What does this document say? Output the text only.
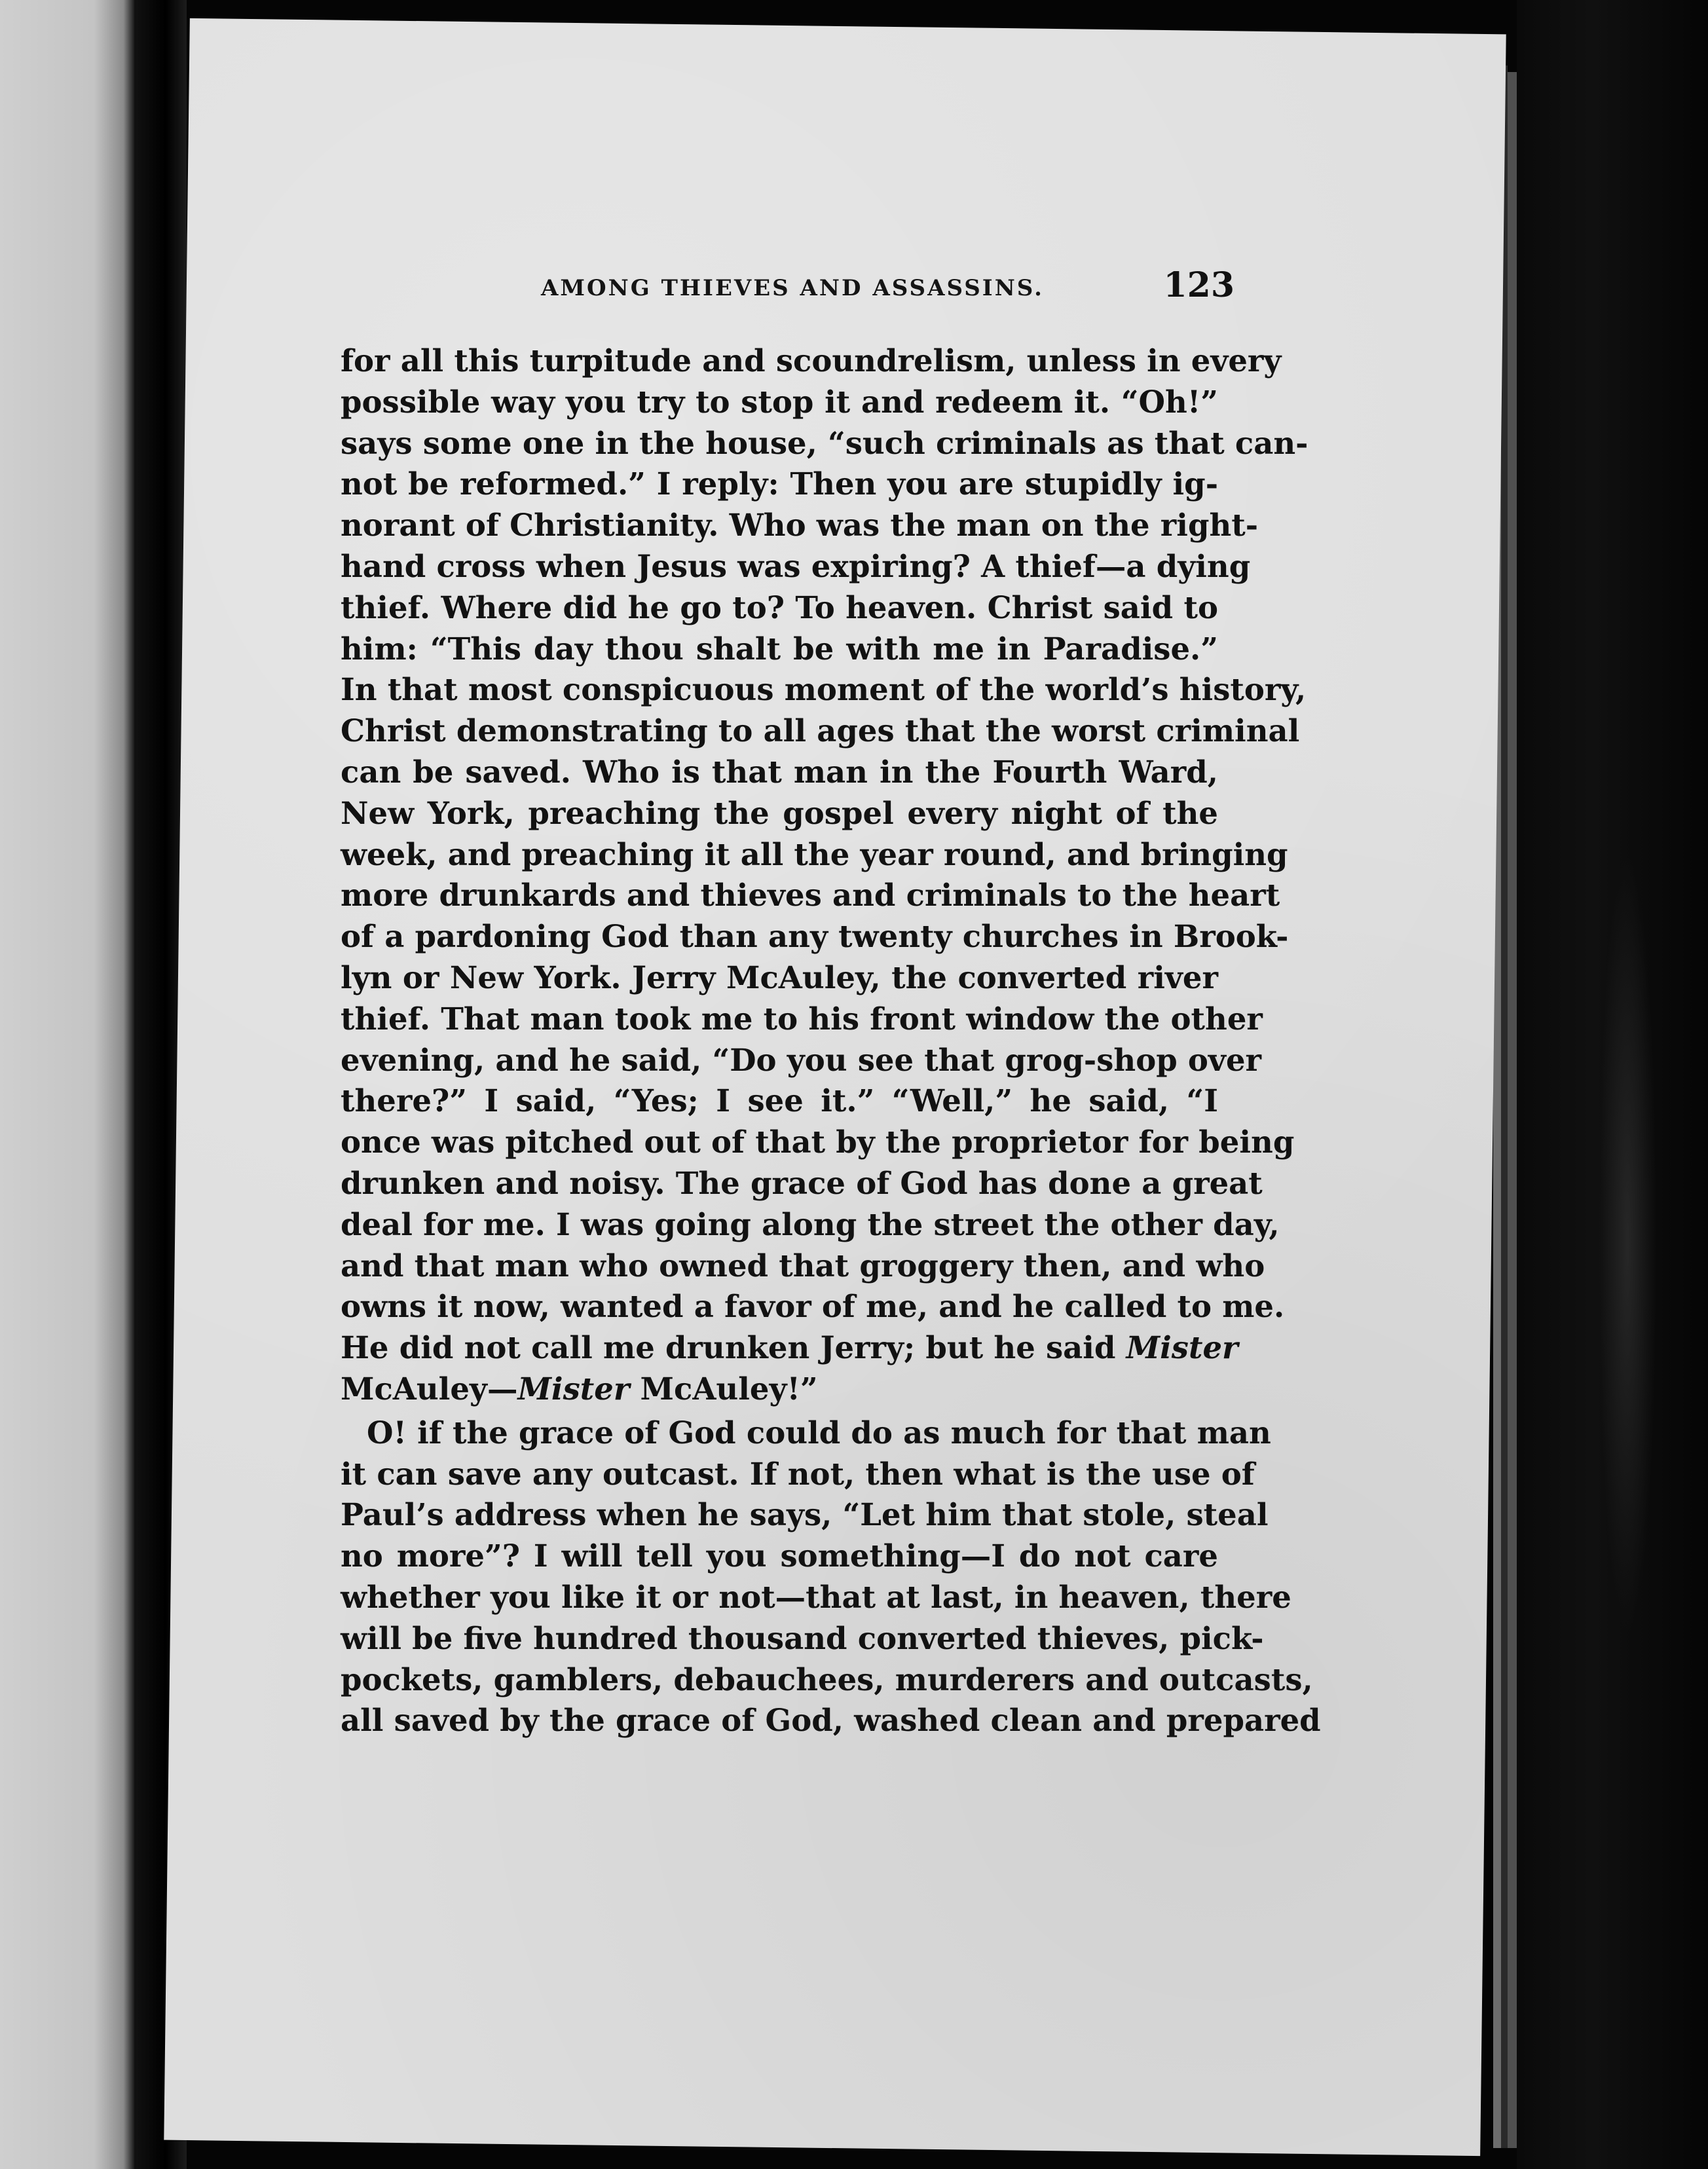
AMONG THIEVES AND ASSASSINS.	123
for all this turpitude and scoundrelism, unless in every
possible way you try to stop it and redeem it. “Oh!”
says some one in the house, “such criminals as that can-
not be reformed.” I reply: Then you are stupidly ig-
norant of Christianity. Who was the man on the right-
hand cross when Jesus was expiring? A thief—a dying
thief. Where did he go to? To heaven. Christ said to
him: “This day thou shalt be with me in Paradise.”
In that most conspicuous moment of the world’s history,
Christ demonstrating to all ages that the worst criminal
can be saved. Who is that man in the Fourth Ward,
New York, preaching the gospel every night of the
week, and preaching it all the year round, and bringing
more drunkards and thieves and criminals to the heart
of a pardoning God than any twenty churches in Brook-
lyn or New York. Jerry McAuley, the converted river
thief. That man took me to his front window the other
evening, and he said, “Do you see that grog-shop over
there?” I said, “Yes; I see it.” “Well,” he said, “I
once was pitched out of that by the proprietor for being
drunken and noisy. The grace of God has done a great
deal for me. I was going along the street the other day,
and that man who owned that groggery then, and who
owns it now, wanted a favor of me, and he called to me.
He did not call me drunken Jerry; but he said Mister
McAuley—Mister McAuley!”
O! if the grace of God could do as much for that man
it can save any outcast. If not, then what is the use of
Paul’s address when he says, “Let him that stole, steal
no more”? I will tell you something—I do not care
whether you like it or not—that at last, in heaven, there
will be five hundred thousand converted thieves, pick-
pockets, gamblers, debauchees, murderers and outcasts,
all saved by the grace of God, washed clean and prepared
